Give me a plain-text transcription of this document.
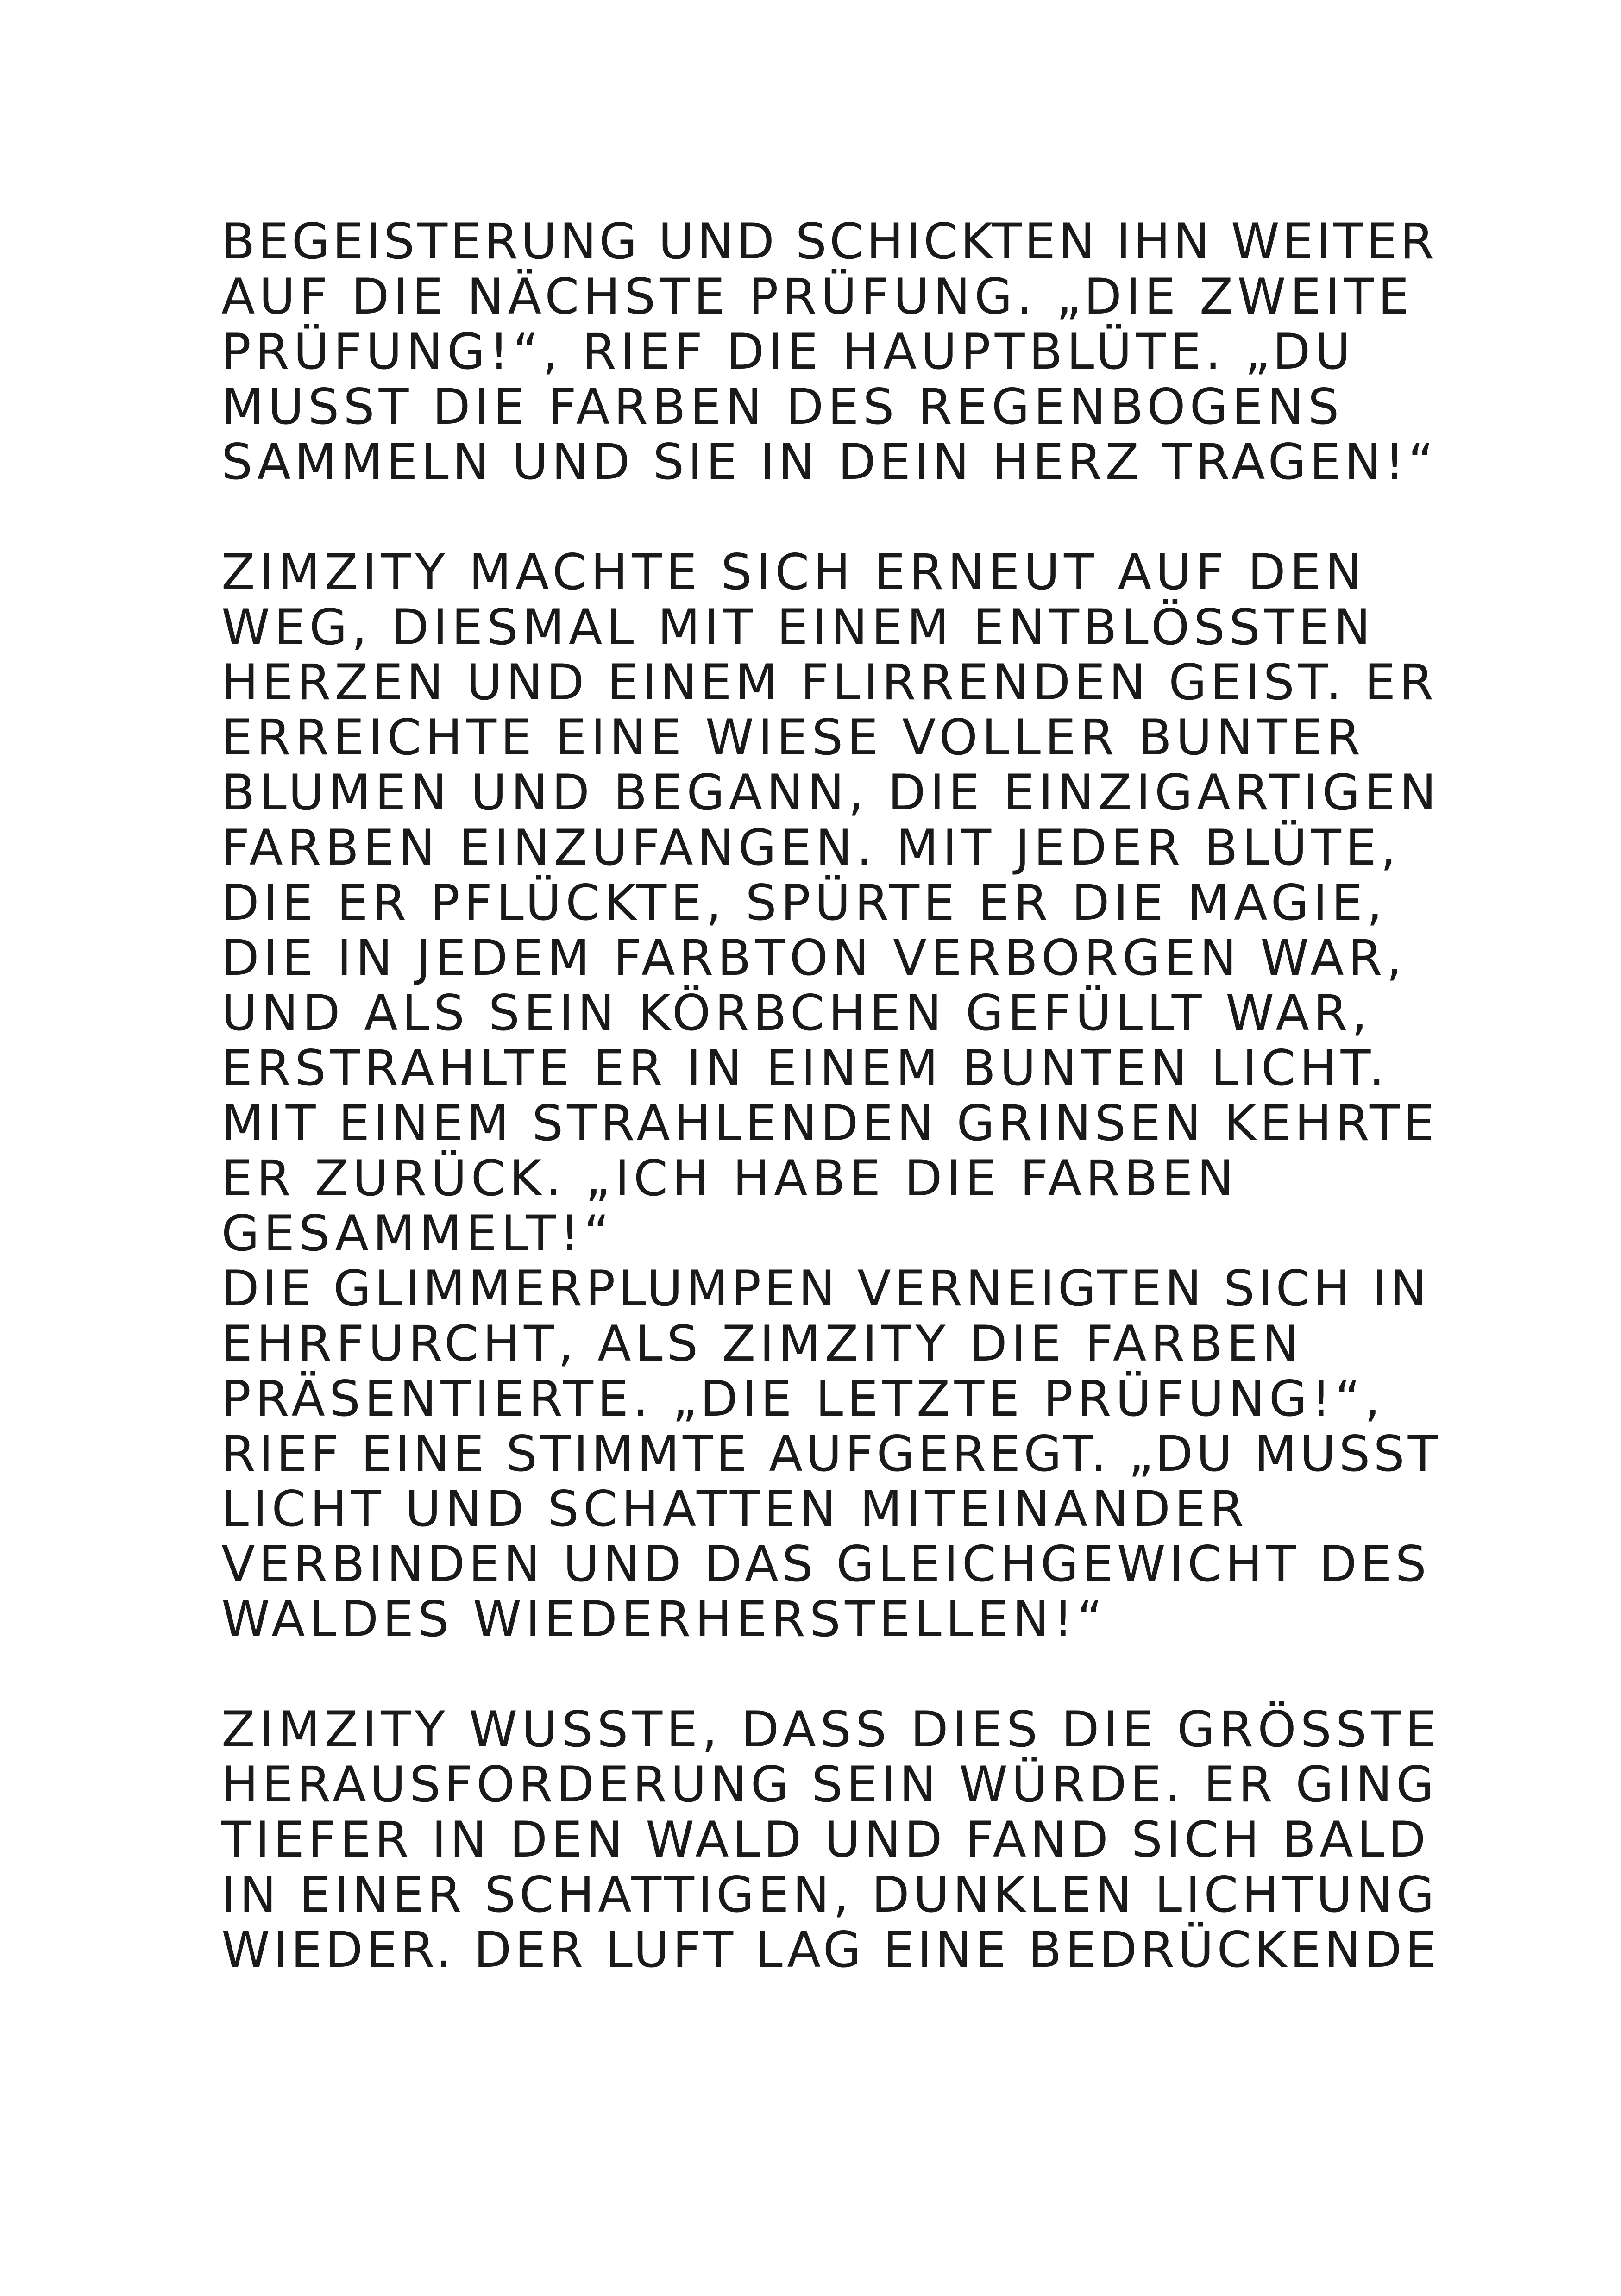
BEGEISTERUNG UND SCHICKTEN IHN WEITER
AUF DIE NÄCHSTE PRÜFUNG. „DIE ZWEITE
PRÜFUNG!“, RIEF DIE HAUPTBLÜTE. „DU
MUSST DIE FARBEN DES REGENBOGENS
SAMMELN UND SIE IN DEIN HERZ TRAGEN!“
ZIMZITY MACHTE SICH ERNEUT AUF DEN
WEG, DIESMAL MIT EINEM ENTBLÖSSTEN
HERZEN UND EINEM FLIRRENDEN GEIST. ER
ERREICHTE EINE WIESE VOLLER BUNTER
BLUMEN UND BEGANN, DIE EINZIGARTIGEN
FARBEN EINZUFANGEN. MIT JEDER BLÜTE,
DIE ER PFLÜCKTE, SPÜRTE ER DIE MAGIE,
DIE IN JEDEM FARBTON VERBORGEN WAR,
UND ALS SEIN KÖRBCHEN GEFÜLLT WAR,
ERSTRAHLTE ER IN EINEM BUNTEN LICHT.
MIT EINEM STRAHLENDEN GRINSEN KEHRTE
ER ZURÜCK. „ICH HABE DIE FARBEN
GESAMMELT!“
DIE GLIMMERPLUMPEN VERNEIGTEN SICH IN
EHRFURCHT, ALS ZIMZITY DIE FARBEN
PRÄSENTIERTE. „DIE LETZTE PRÜFUNG!“,
RIEF EINE STIMMTE AUFGEREGT. „DU MUSST
LICHT UND SCHATTEN MITEINANDER
VERBINDEN UND DAS GLEICHGEWICHT DES
WALDES WIEDERHERSTELLEN!“
ZIMZITY WUSSTE, DASS DIES DIE GRÖSSTE
HERAUSFORDERUNG SEIN WÜRDE. ER GING
TIEFER IN DEN WALD UND FAND SICH BALD
IN EINER SCHATTIGEN, DUNKLEN LICHTUNG
WIEDER. DER LUFT LAG EINE BEDRÜCKENDE
